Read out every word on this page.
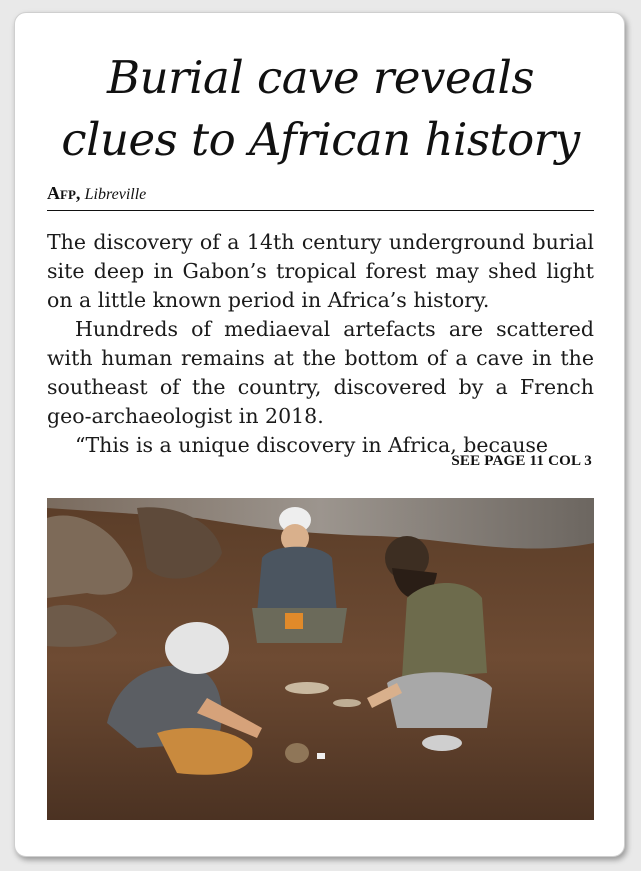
Burial cave reveals
clues to African history
Afp, Libreville

The discovery of a 14th century underground burial site deep in Gabon’s tropical forest may shed light on a little known period in Africa’s history.

Hundreds of mediaeval artefacts are scattered with human remains at the bottom of a cave in the southeast of the country, discovered by a French geo-archaeologist in 2018.

“This is a unique discovery in Africa, because

SEE PAGE 11 COL 3
